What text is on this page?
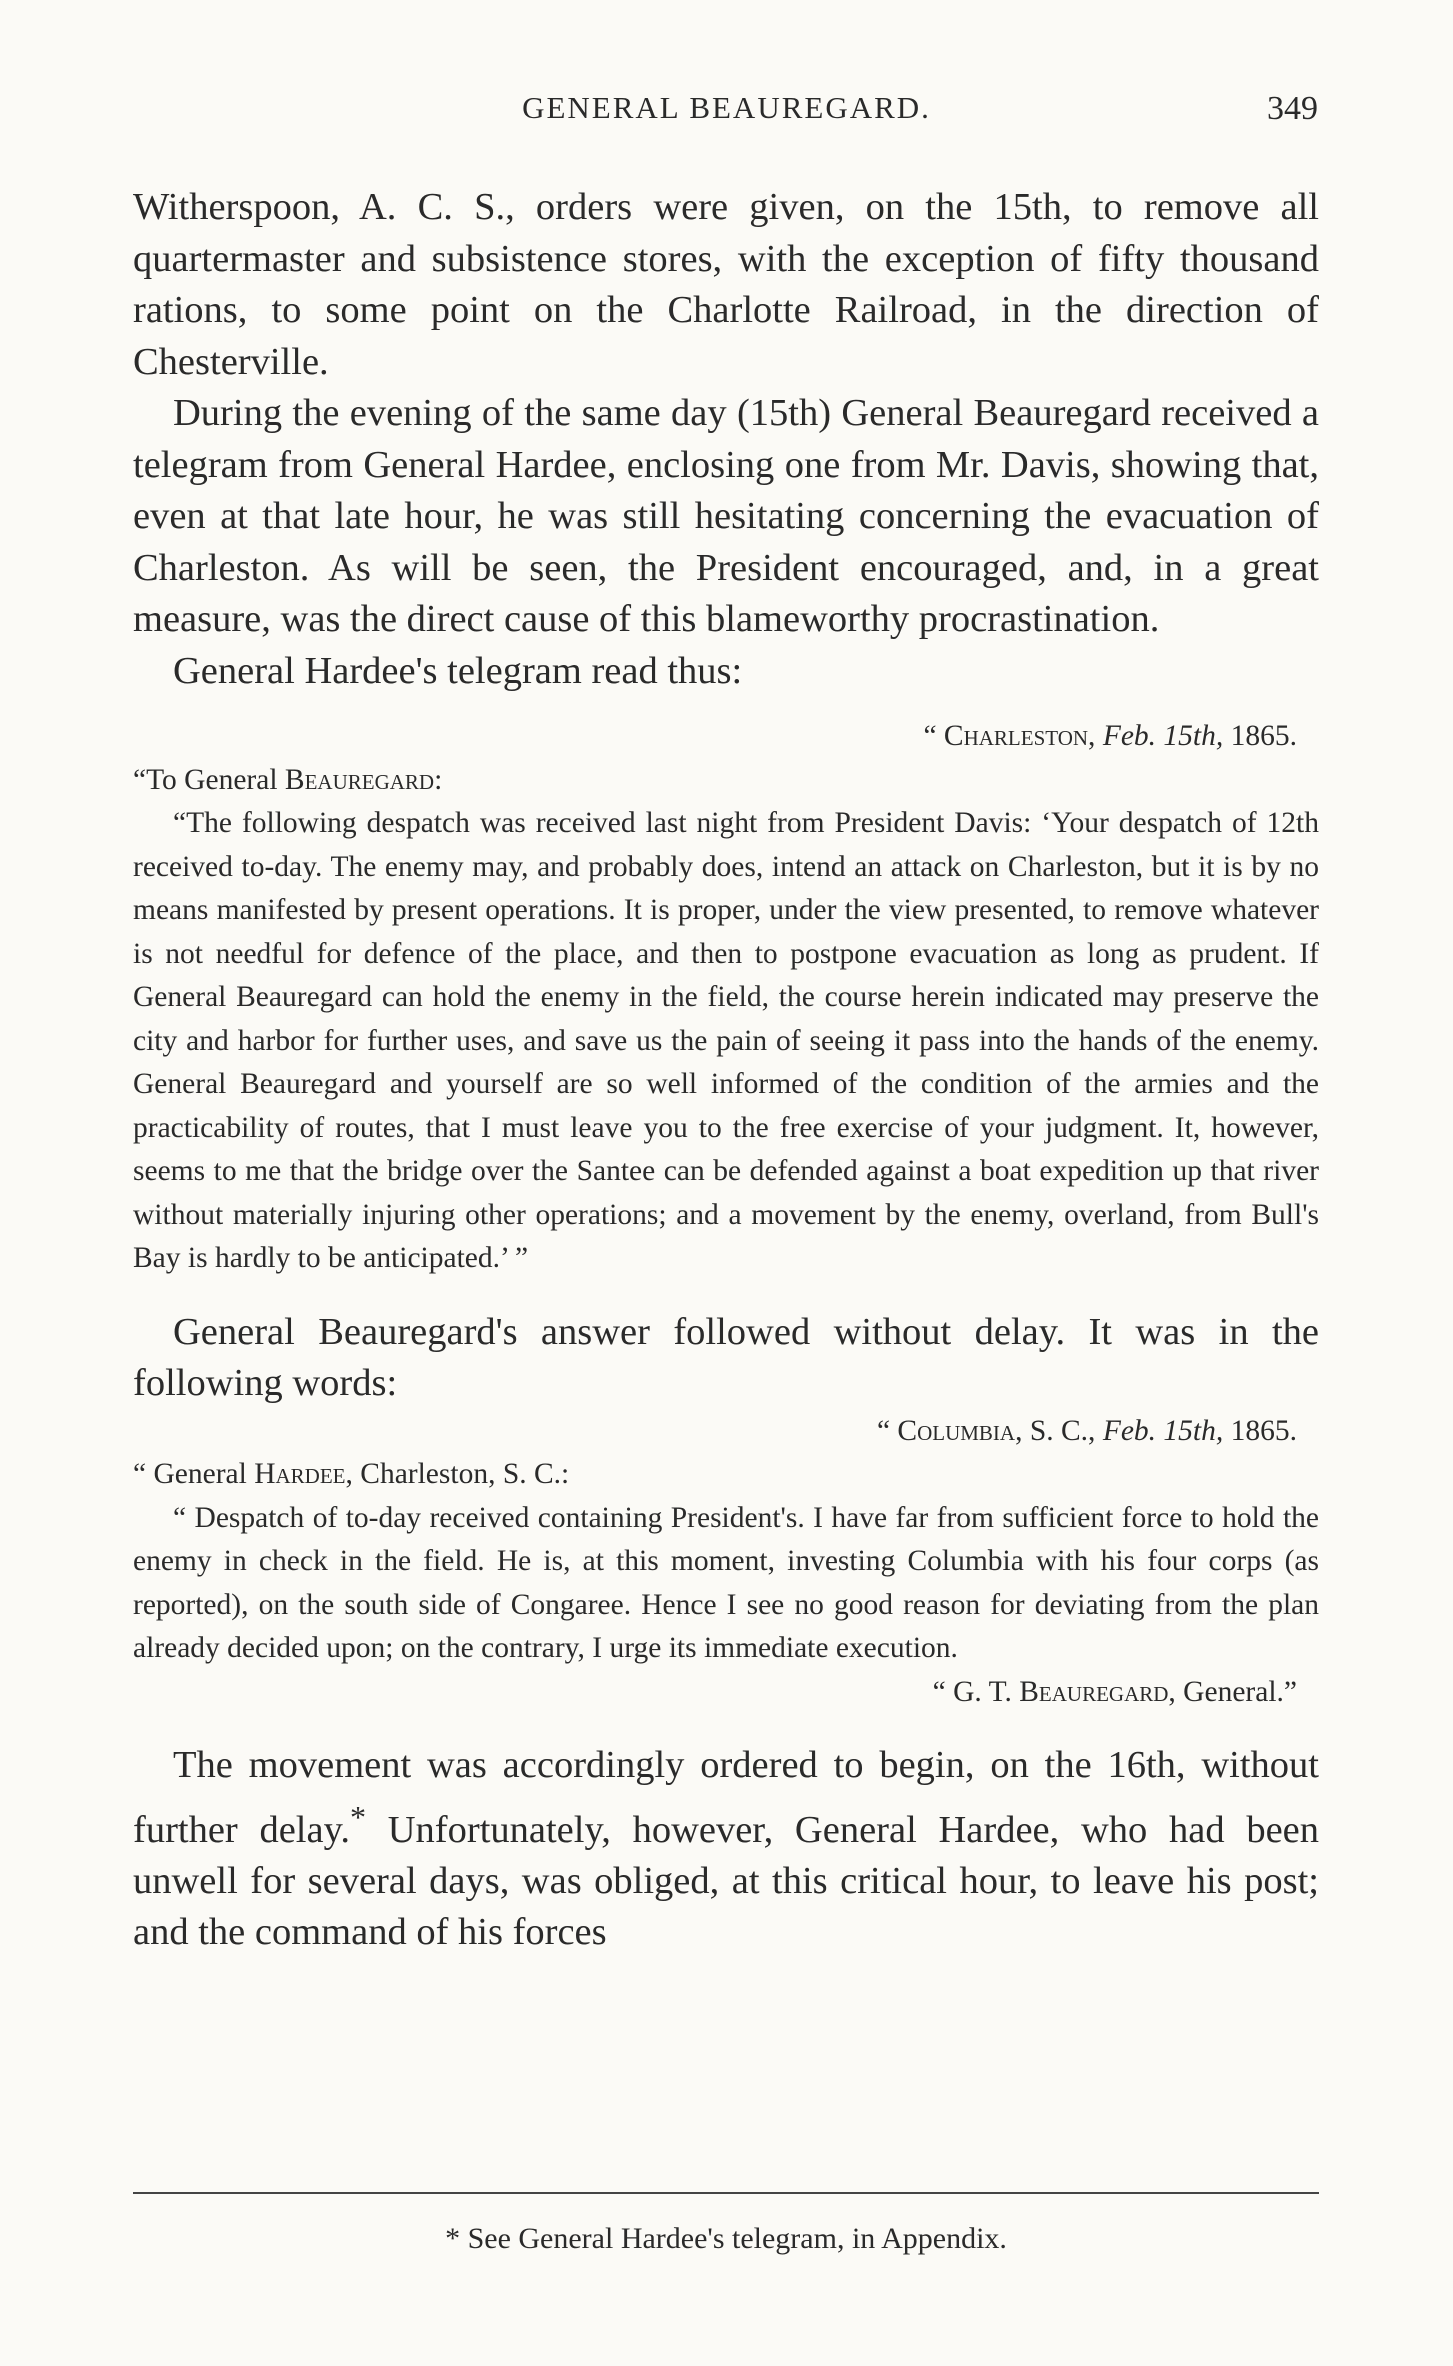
GENERAL BEAUREGARD.	349

Witherspoon, A. C. S., orders were given, on the 15th, to remove all quartermaster and subsistence stores, with the exception of fifty thousand rations, to some point on the Charlotte Railroad, in the direction of Chesterville.

During the evening of the same day (15th) General Beauregard received a telegram from General Hardee, enclosing one from Mr. Davis, showing that, even at that late hour, he was still hesitating concerning the evacuation of Charleston. As will be seen, the President encouraged, and, in a great measure, was the direct cause of this blameworthy procrastination.

General Hardee's telegram read thus:

“ Charleston, Feb. 15th, 1865.

“To General Beauregard:

“The following despatch was received last night from President Davis: ‘Your despatch of 12th received to-day. The enemy may, and probably does, intend an attack on Charleston, but it is by no means manifested by present operations. It is proper, under the view presented, to remove whatever is not needful for defence of the place, and then to postpone evacuation as long as prudent. If General Beauregard can hold the enemy in the field, the course herein indicated may preserve the city and harbor for further uses, and save us the pain of seeing it pass into the hands of the enemy. General Beauregard and yourself are so well informed of the condition of the armies and the practicability of routes, that I must leave you to the free exercise of your judgment. It, however, seems to me that the bridge over the Santee can be defended against a boat expedition up that river without materially injuring other operations; and a movement by the enemy, overland, from Bull's Bay is hardly to be anticipated.’ ”

General Beauregard's answer followed without delay. It was in the following words:

“ Columbia, S. C., Feb. 15th, 1865.

“ General Hardee, Charleston, S. C.:

“ Despatch of to-day received containing President's. I have far from sufficient force to hold the enemy in check in the field. He is, at this moment, investing Columbia with his four corps (as reported), on the south side of Congaree. Hence I see no good reason for deviating from the plan already decided upon; on the contrary, I urge its immediate execution.

“ G. T. Beauregard, General.”

The movement was accordingly ordered to begin, on the 16th, without further delay.* Unfortunately, however, General Hardee, who had been unwell for several days, was obliged, at this critical hour, to leave his post; and the command of his forces

* See General Hardee's telegram, in Appendix.
